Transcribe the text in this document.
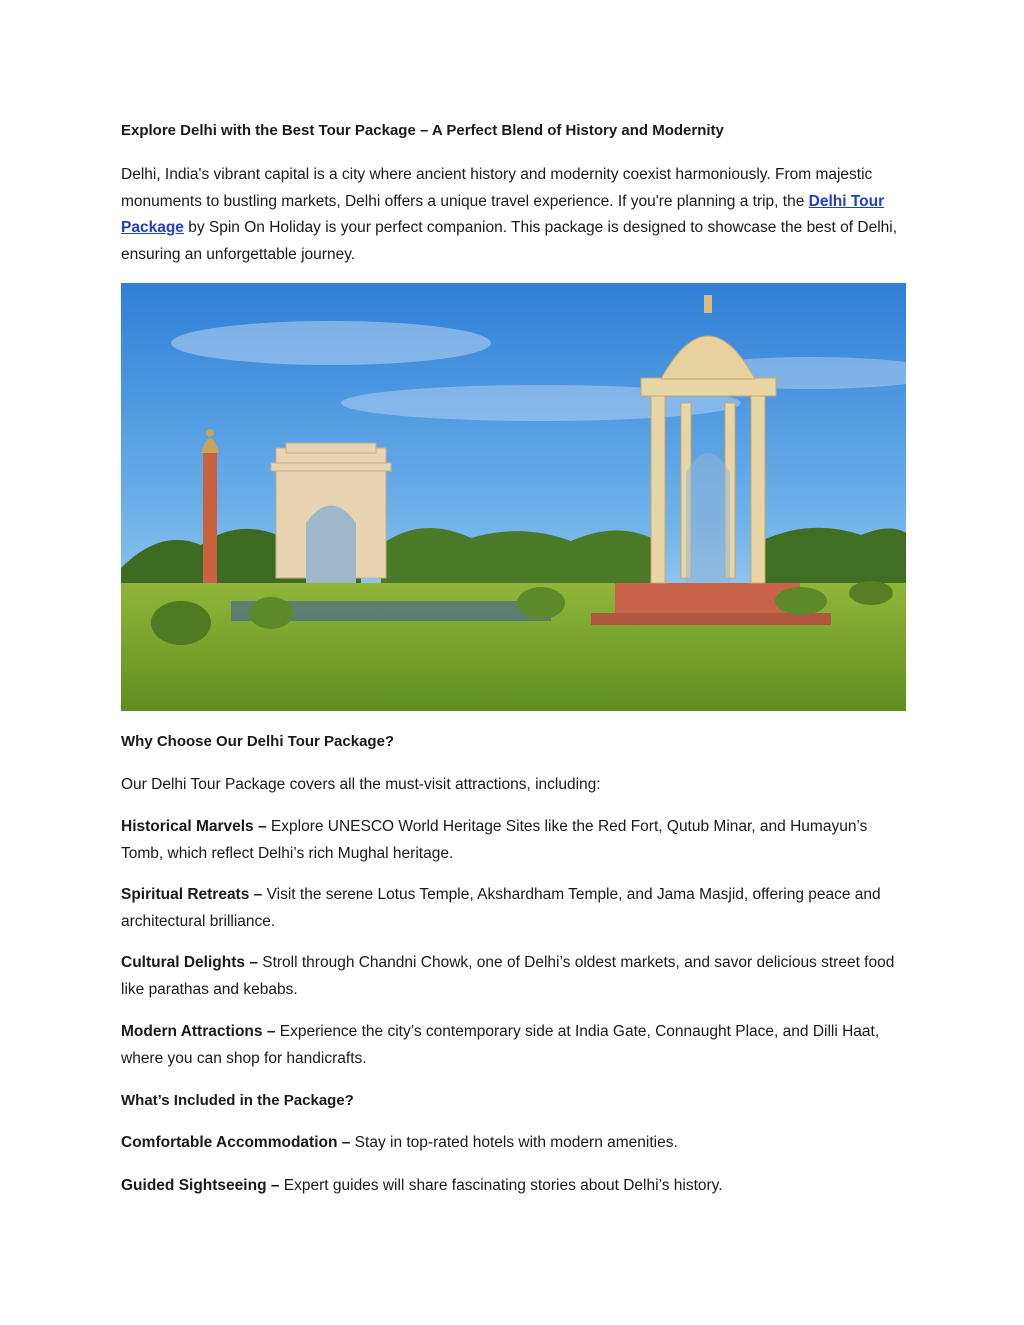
Explore Delhi with the Best Tour Package – A Perfect Blend of History and Modernity

Delhi, India's vibrant capital is a city where ancient history and modernity coexist harmoniously. From majestic monuments to bustling markets, Delhi offers a unique travel experience. If you're planning a trip, the Delhi Tour Package by Spin On Holiday is your perfect companion. This package is designed to showcase the best of Delhi, ensuring an unforgettable journey.

Why Choose Our Delhi Tour Package?

Our Delhi Tour Package covers all the must-visit attractions, including:

Historical Marvels – Explore UNESCO World Heritage Sites like the Red Fort, Qutub Minar, and Humayun’s Tomb, which reflect Delhi’s rich Mughal heritage.

Spiritual Retreats – Visit the serene Lotus Temple, Akshardham Temple, and Jama Masjid, offering peace and architectural brilliance.

Cultural Delights – Stroll through Chandni Chowk, one of Delhi’s oldest markets, and savor delicious street food like parathas and kebabs.

Modern Attractions – Experience the city’s contemporary side at India Gate, Connaught Place, and Dilli Haat, where you can shop for handicrafts.

What’s Included in the Package?

Comfortable Accommodation – Stay in top-rated hotels with modern amenities.

Guided Sightseeing – Expert guides will share fascinating stories about Delhi’s history.
